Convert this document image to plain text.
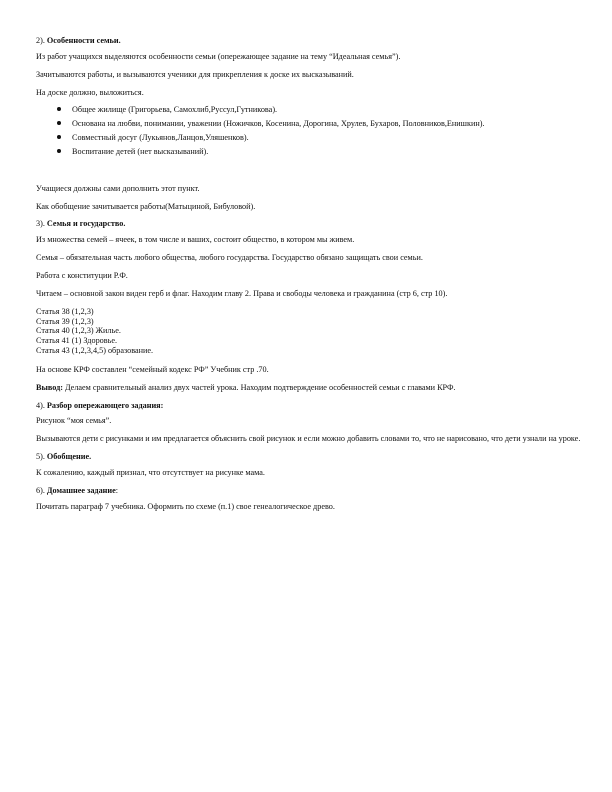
2). Особенности семьи.

Из работ учащихся выделяются особенности семьи (опережающее задание на тему “Идеальная семья”).

Зачитываются работы, и вызываются ученики для прикрепления к доске их высказываний.

На доске должно, выложиться.

Общее жилище (Григорьева, Самохлиб,Руссул,Гутникова).
Основана на любви, понимании, уважении (Ножичков, Косенина, Дорогина, Хрулев, Бухаров, Половников,Енишкин).
Совместный досуг (Лукьянов,Ланцов,Уляшенков).
Воспитание детей (нет высказываний).

Учащиеся должны сами дополнить этот пункт.

Как обобщение зачитывается работы(Матыциной, Бибуловой).

3). Семья и государство.

Из множества семей – ячеек, в том числе и ваших, состоит общество, в котором мы живем.

Семья – обязательная часть любого общества, любого государства. Государство обязано защищать свои семьи.

Работа с конституции Р.Ф.

Читаем – основной закон виден герб и флаг. Находим главу 2. Права и свободы человека и гражданина (стр 6, стр 10).

Статья 38 (1,2,3)
Статья 39 (1,2,3)
Статья 40 (1,2,3) Жилье.
Статья 41 (1) Здоровье.
Статья 43 (1,2,3,4,5) образование.

На основе КРФ составлен “семейный кодекс РФ” Учебник стр .70.

Вывод: Делаем сравнительный анализ двух частей урока. Находим подтверждение особенностей семьи с главами КРФ.

4). Разбор опережающего задания:

Рисунок “моя семья”.

Вызываются дети с рисунками и им предлагается объяснить свой рисунок и если можно добавить словами то, что не нарисовано, что дети узнали на уроке.

5). Обобщение.

К сожалению, каждый признал, что отсутствует на рисунке мама.

6). Домашнее задание:

Почитать параграф 7 учебника. Оформить по схеме (п.1) свое генеалогическое древо.
